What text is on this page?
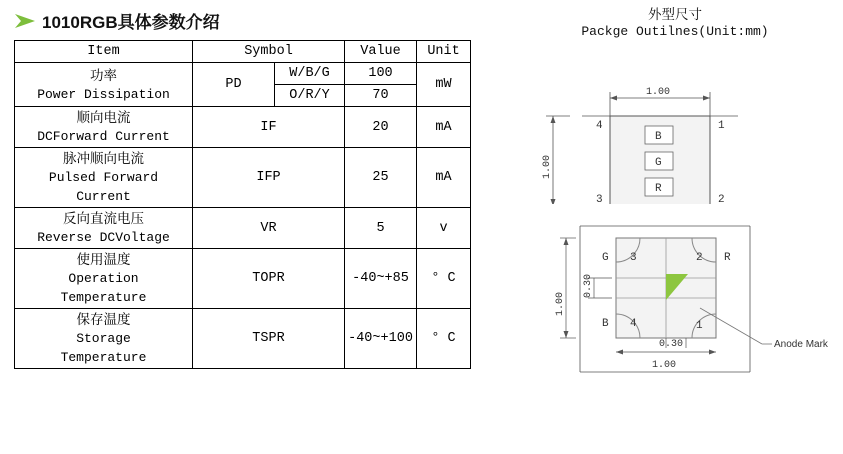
1010RGB具体参数介绍
Item	Symbol		Value	Unit

功率
Power Dissipation	PD	W/B/G	100	mW
		O/R/Y	70	

顺向电流
DCForward Current	IF		20	mA

脉冲顺向电流
Pulsed Forward
Current	IFP		25	mA

反向直流电压
Reverse DCVoltage	VR		5	v

使用温度
Operation
Temperature	TOPR		-40~+85	° C

保存温度
Storage
Temperature	TSPR		-40~+100	° C
外型尺寸
Packge Outilnes(Unit:mm)
1.00
1.00
B
G
R
4	1
3	2
G 3	2 R
B 4	1
1.00
0.30
1.00
0.30	Anode Mark
